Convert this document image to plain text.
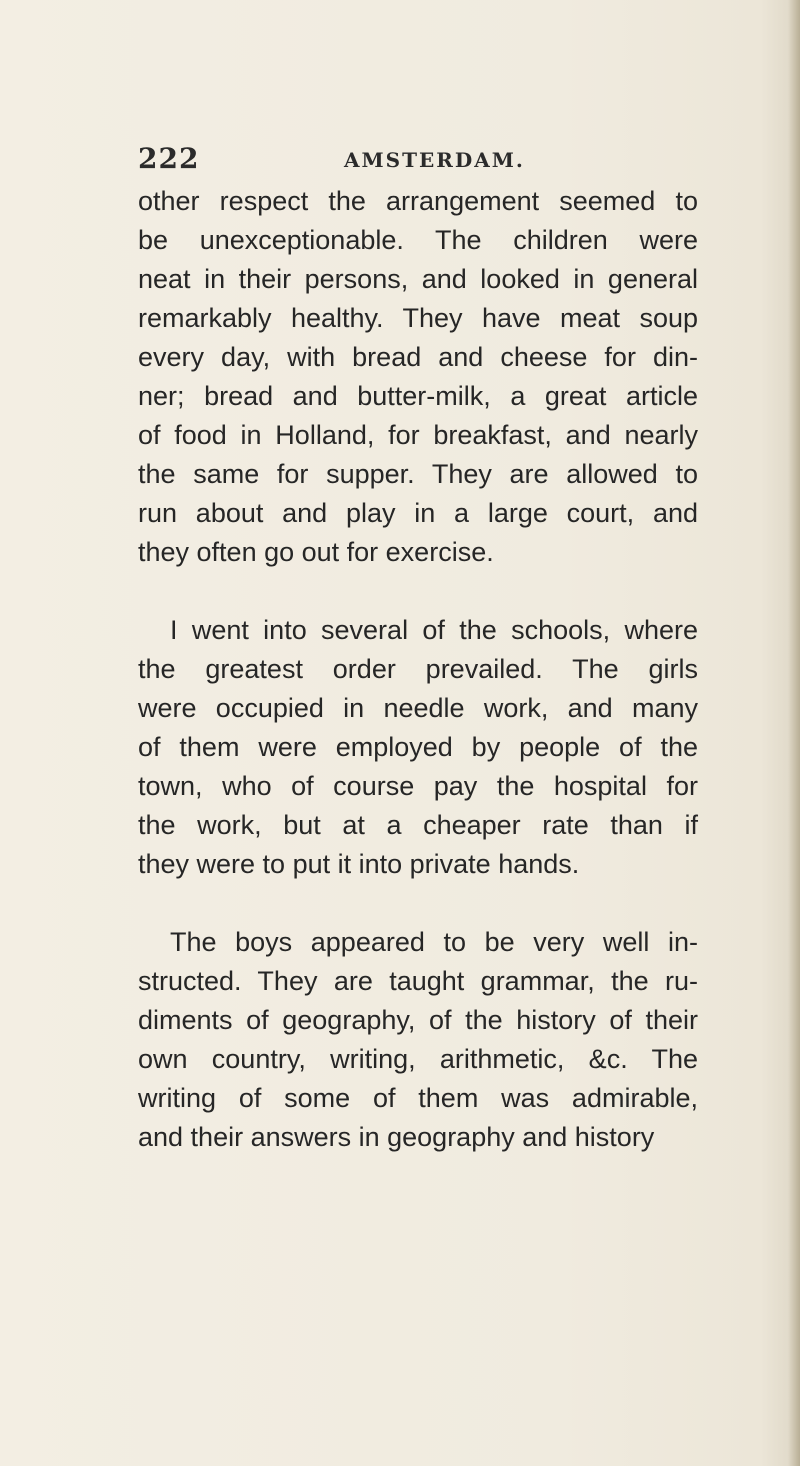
222	AMSTERDAM.

other respect the arrangement seemed to
be unexceptionable. The children were
neat in their persons, and looked in general
remarkably healthy. They have meat soup
every day, with bread and cheese for din-
ner; bread and butter-milk, a great article
of food in Holland, for breakfast, and nearly
the same for supper. They are allowed to
run about and play in a large court, and
they often go out for exercise.

I went into several of the schools, where
the greatest order prevailed. The girls
were occupied in needle work, and many
of them were employed by people of the
town, who of course pay the hospital for
the work, but at a cheaper rate than if
they were to put it into private hands.

The boys appeared to be very well in-
structed. They are taught grammar, the ru-
diments of geography, of the history of their
own country, writing, arithmetic, &c. The
writing of some of them was admirable,
and their answers in geography and history
